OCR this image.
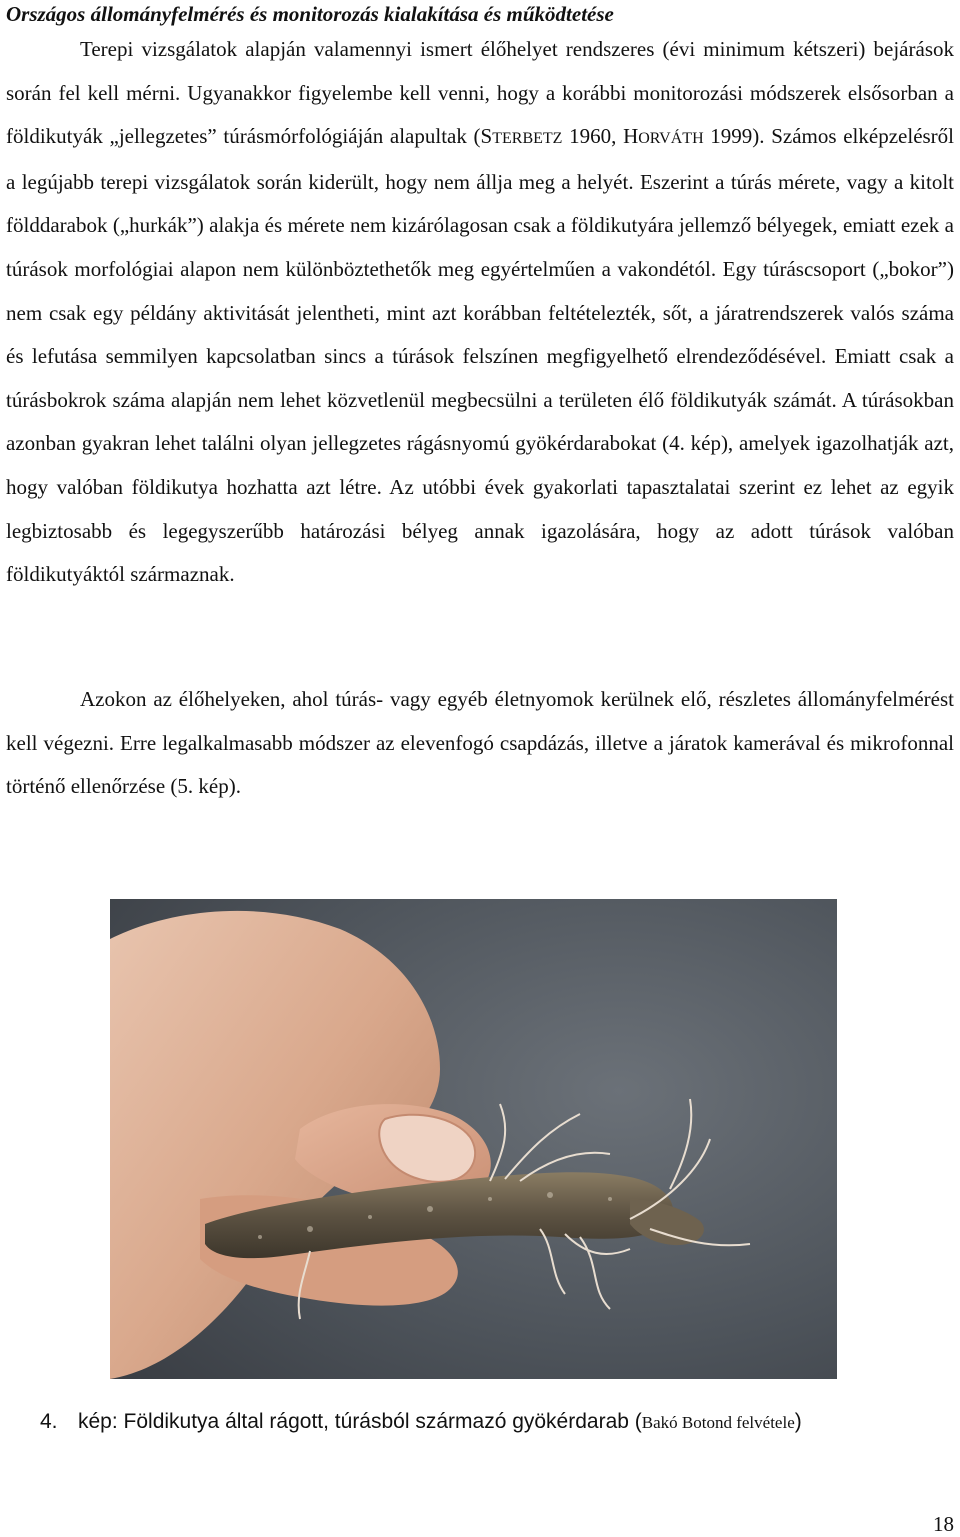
Országos állományfelmérés és monitorozás kialakítása és működtetése

Terepi vizsgálatok alapján valamennyi ismert élőhelyet rendszeres (évi minimum kétszeri) bejárások során fel kell mérni. Ugyanakkor figyelembe kell venni, hogy a korábbi monitorozási módszerek elsősorban a földikutyák „jellegzetes” túrásmórfológiáján alapultak (STERBETZ 1960, HORVÁTH 1999). Számos elképzelésről a legújabb terepi vizsgálatok során kiderült, hogy nem állja meg a helyét. Eszerint a túrás mérete, vagy a kitolt földdarabok („hurkák”) alakja és mérete nem kizárólagosan csak a földikutyára jellemző bélyegek, emiatt ezek a túrások morfológiai alapon nem különböztethetők meg egyértelműen a vakondétól. Egy túráscsoport („bokor”) nem csak egy példány aktivitását jelentheti, mint azt korábban feltételezték, sőt, a járatrendszerek valós száma és lefutása semmilyen kapcsolatban sincs a túrások felszínen megfigyelhető elrendeződésével. Emiatt csak a túrásbokrok száma alapján nem lehet közvetlenül megbecsülni a területen élő földikutyák számát. A túrásokban azonban gyakran lehet találni olyan jellegzetes rágásnyomú gyökérdarabokat (4. kép), amelyek igazolhatják azt, hogy valóban földikutya hozhatta azt létre. Az utóbbi évek gyakorlati tapasztalatai szerint ez lehet az egyik legbiztosabb és legegyszerűbb határozási bélyeg annak igazolására, hogy az adott túrások valóban földikutyáktól származnak.

Azokon az élőhelyeken, ahol túrás- vagy egyéb életnyomok kerülnek elő, részletes állományfelmérést kell végezni. Erre legalkalmasabb módszer az elevenfogó csapdázás, illetve a járatok kamerával és mikrofonnal történő ellenőrzése (5. kép).

4. kép: Földikutya által rágott, túrásból származó gyökérdarab (Bakó Botond felvétele)
18
